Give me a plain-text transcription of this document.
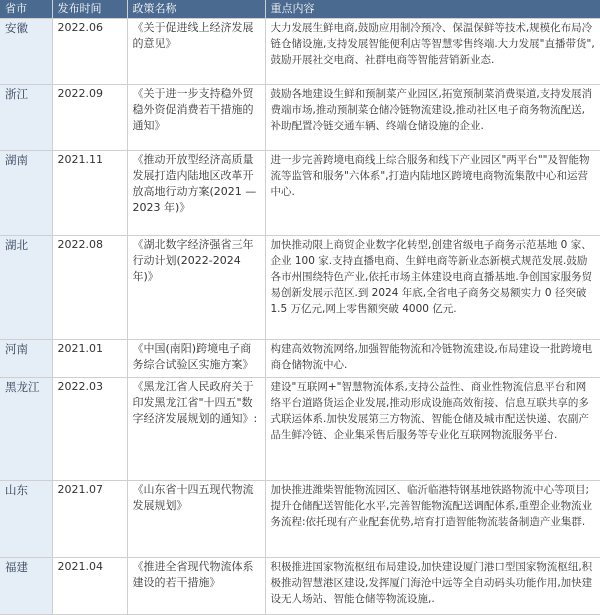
省市	发布时间	政策名称	重点内容
安徽	2022.06	《关于促进线上经济发展的意见》	大力发展生鲜电商,鼓励应用制冷预冷、保温保鲜等技术,规模化布局冷链仓储设施,支持发展智能便利店等智慧零售终端.大力发展"直播带货",鼓励开展社交电商、社群电商等智能营销新业态.
浙江	2022.09	《关于进一步支持稳外贸稳外资促消费若干措施的通知》	鼓励各地建设生鲜和预制菜产业园区,拓宽预制菜消费渠道,支持发展消费端市场,推动预制菜仓储冷链物流建设,推动社区电子商务物流配送,补助配置冷链交通车辆、终端仓储设施的企业.
湖南	2021.11	《推动开放型经济高质量发展打造内陆地区改革开放高地行动方案(2021 — 2023 年)》	进一步完善跨境电商线上综合服务和线下产业园区"两平台""及智能物流等监管和服务"六体系",打造内陆地区跨境电商物流集散中心和运营中心.
湖北	2022.08	《湖北数字经济强省三年行动计划(2022-2024 年)》	加快推动限上商贸企业数字化转型,创建省级电子商务示范基地 0 家、企业 100 家.支持直播电商、生鲜电商等新业态新模式规范发展.鼓励各市州围绕特色产业,依托市场主体建设电商直播基地.争创国家服务贸易创新发展示范区.到 2024 年底,全省电子商务交易额实力 0 径突破 1.5 万亿元,网上零售额突破 4000 亿元.
河南	2021.01	《中国(南阳)跨境电子商务综合试验区实施方案》	构建高效物流网络,加强智能物流和冷链物流建设,布局建设一批跨境电商仓储物流中心.
黑龙江	2022.03	《黑龙江省人民政府关于印发黑龙江省"十四五"数字经济发展规划的通知》:	建设"互联网+"智慧物流体系,支持公益性、商业性物流信息平台和网络平台道路货运企业发展,推动形成设施高效衔接、信息互联共享的多式联运体系.加快发展第三方物流、智能仓储及城市配送快递、农副产品生鲜冷链、企业集采售后服务等专业化互联网物流服务平台.
山东	2021.07	《山东省十四五现代物流发展规划》	加快推进潍柴智能物流园区、临沂临港特钢基地铁路物流中心等项目;提升仓储配送智能化水平,完善智能物流配送调配体系,重塑企业物流业务流程:依托现有产业配套优势,培育打造智能物流装备制造产业集群.
福建	2021.04	《推进全省现代物流体系建设的若干措施》	积极推进国家物流枢纽布局建设,加快建设厦门港口型国家物流枢纽,积极推动智慧港区建设,发挥厦门海沧中远等全自动码头功能作用,加快建设无人场站、智能仓储等物流设施,.
